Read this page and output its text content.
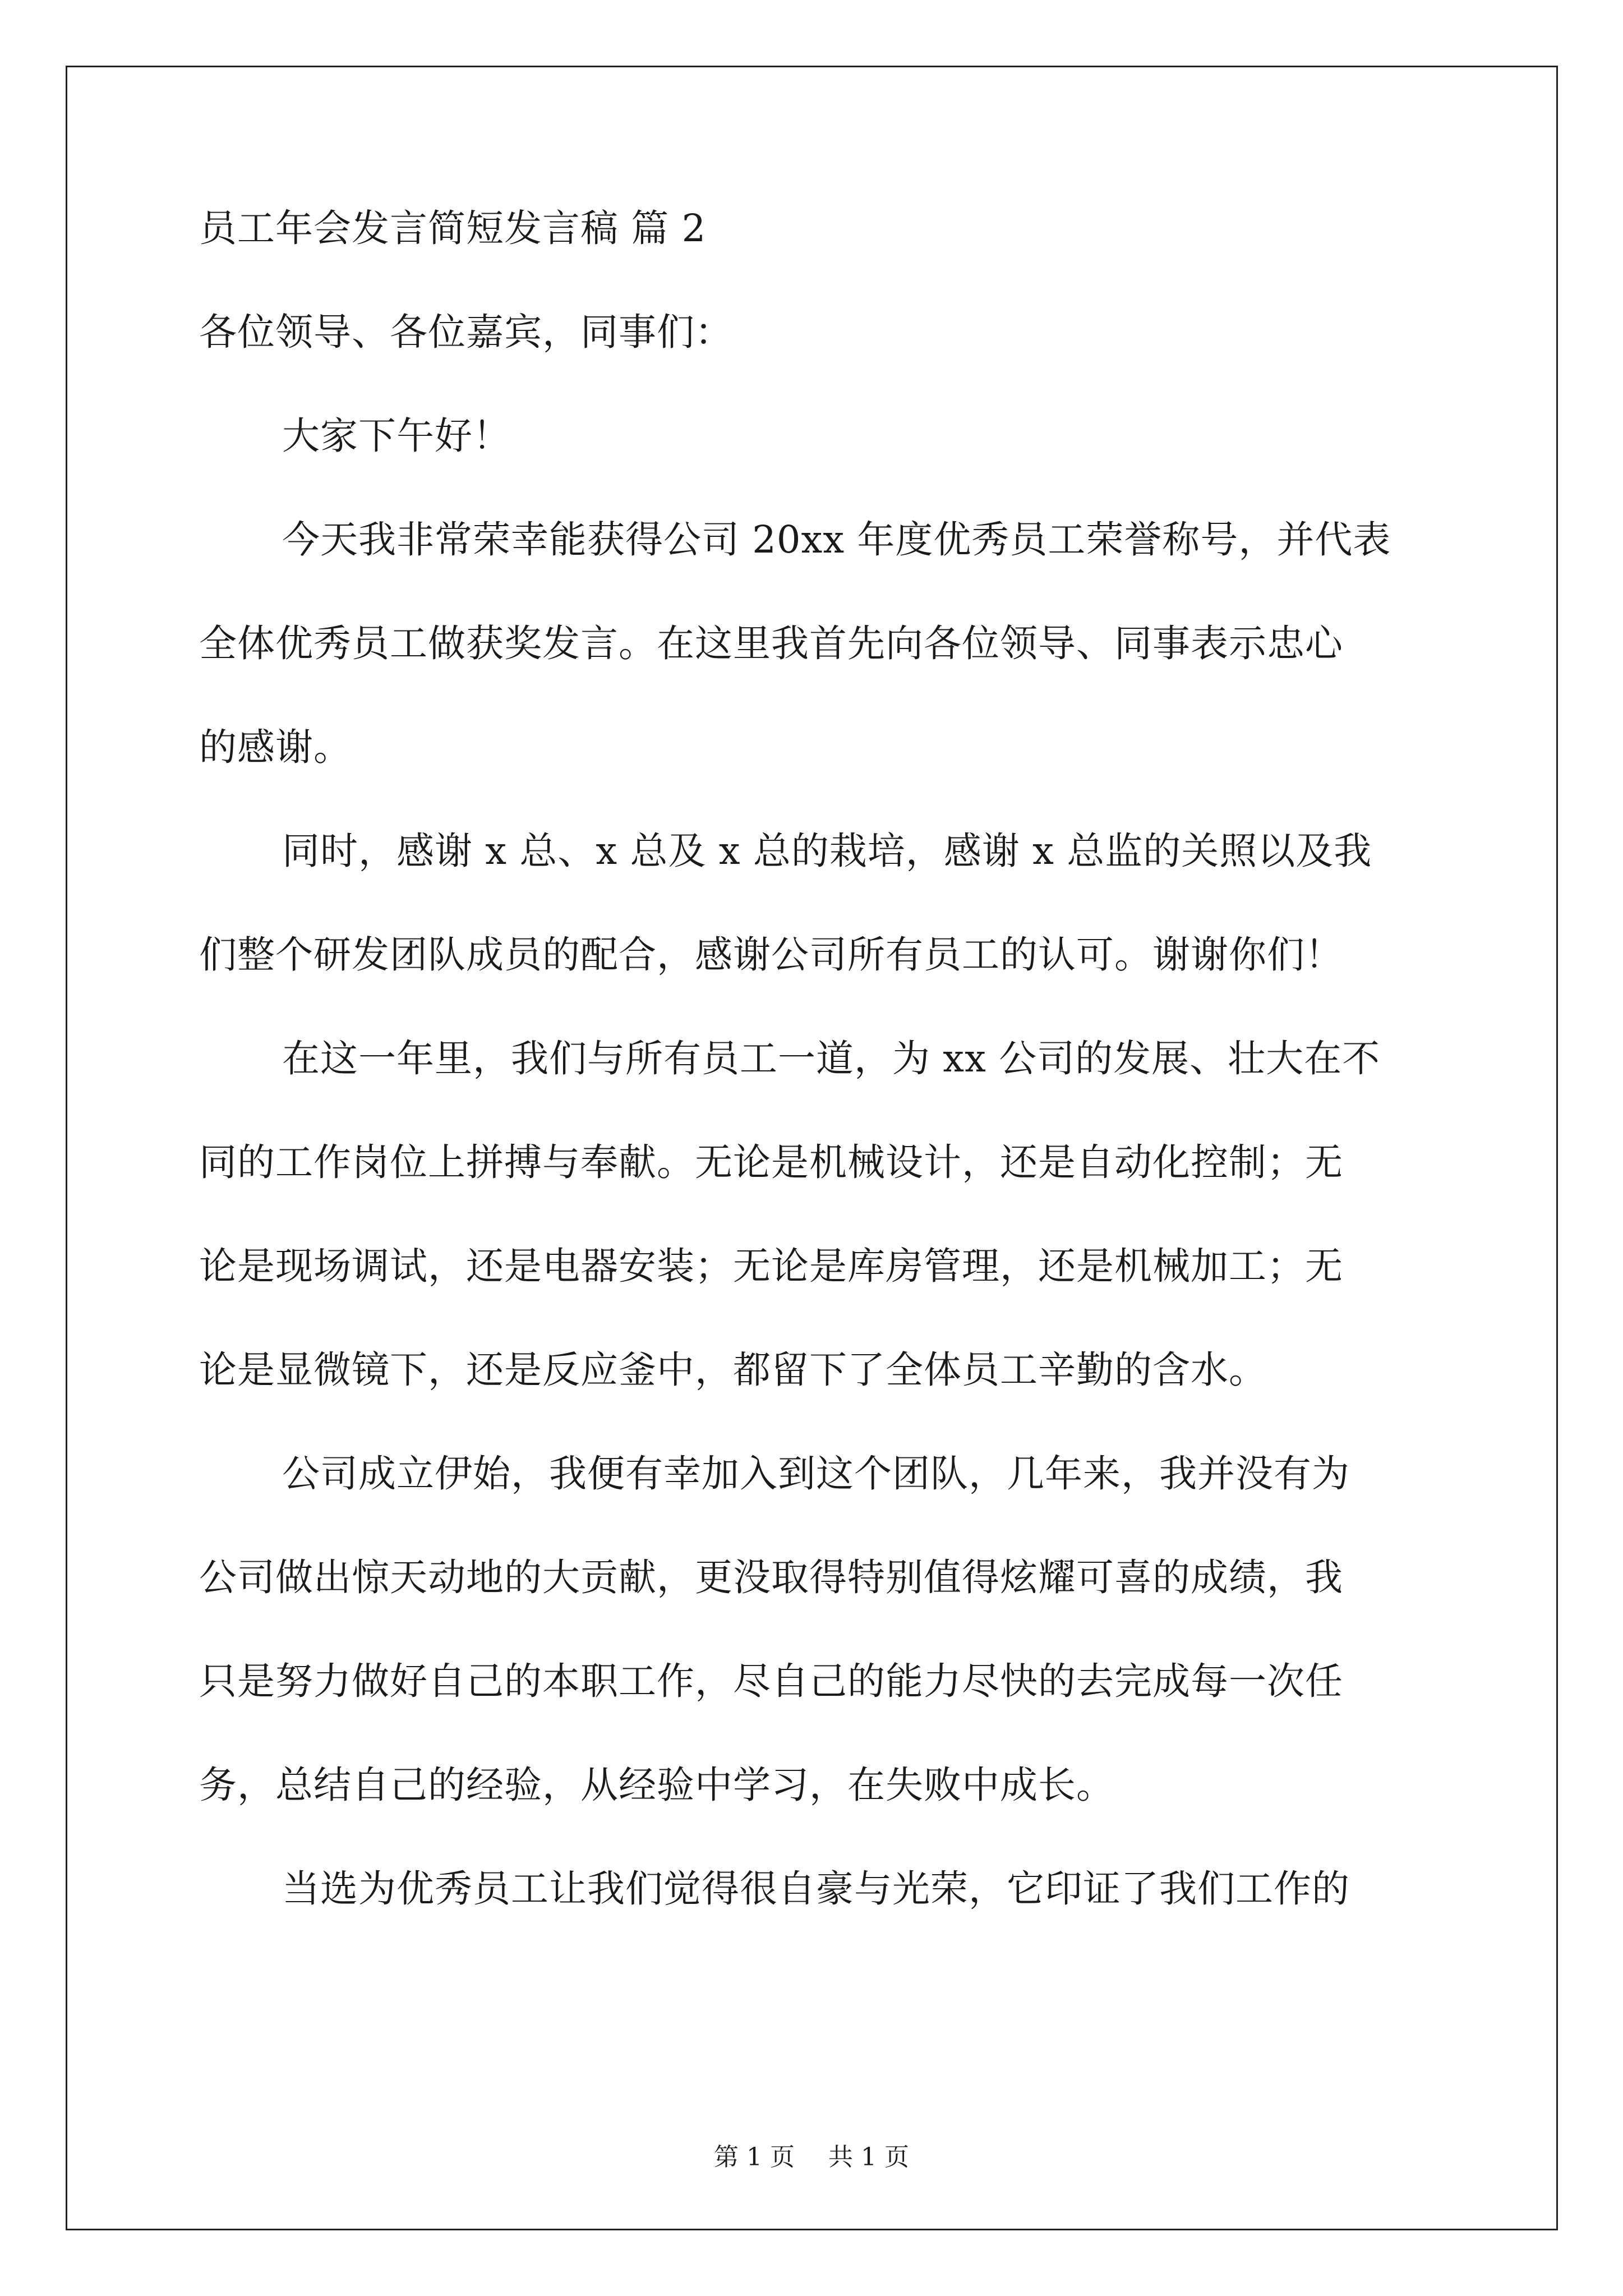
员工年会发言简短发言稿 篇 2

各位领导、各位嘉宾，同事们：

大家下午好！

今天我非常荣幸能获得公司 20xx 年度优秀员工荣誉称号，并代表

全体优秀员工做获奖发言。在这里我首先向各位领导、同事表示忠心

的感谢。

同时，感谢 x 总、x 总及 x 总的栽培，感谢 x 总监的关照以及我

们整个研发团队成员的配合，感谢公司所有员工的认可。谢谢你们！

在这一年里，我们与所有员工一道，为 xx 公司的发展、壮大在不

同的工作岗位上拼搏与奉献。无论是机械设计，还是自动化控制；无

论是现场调试，还是电器安装；无论是库房管理，还是机械加工；无

论是显微镜下，还是反应釜中，都留下了全体员工辛勤的含水。

公司成立伊始，我便有幸加入到这个团队，几年来，我并没有为

公司做出惊天动地的大贡献，更没取得特别值得炫耀可喜的成绩，我

只是努力做好自己的本职工作，尽自己的能力尽快的去完成每一次任

务，总结自己的经验，从经验中学习，在失败中成长。

当选为优秀员工让我们觉得很自豪与光荣，它印证了我们工作的

第 1 页 共 1 页
